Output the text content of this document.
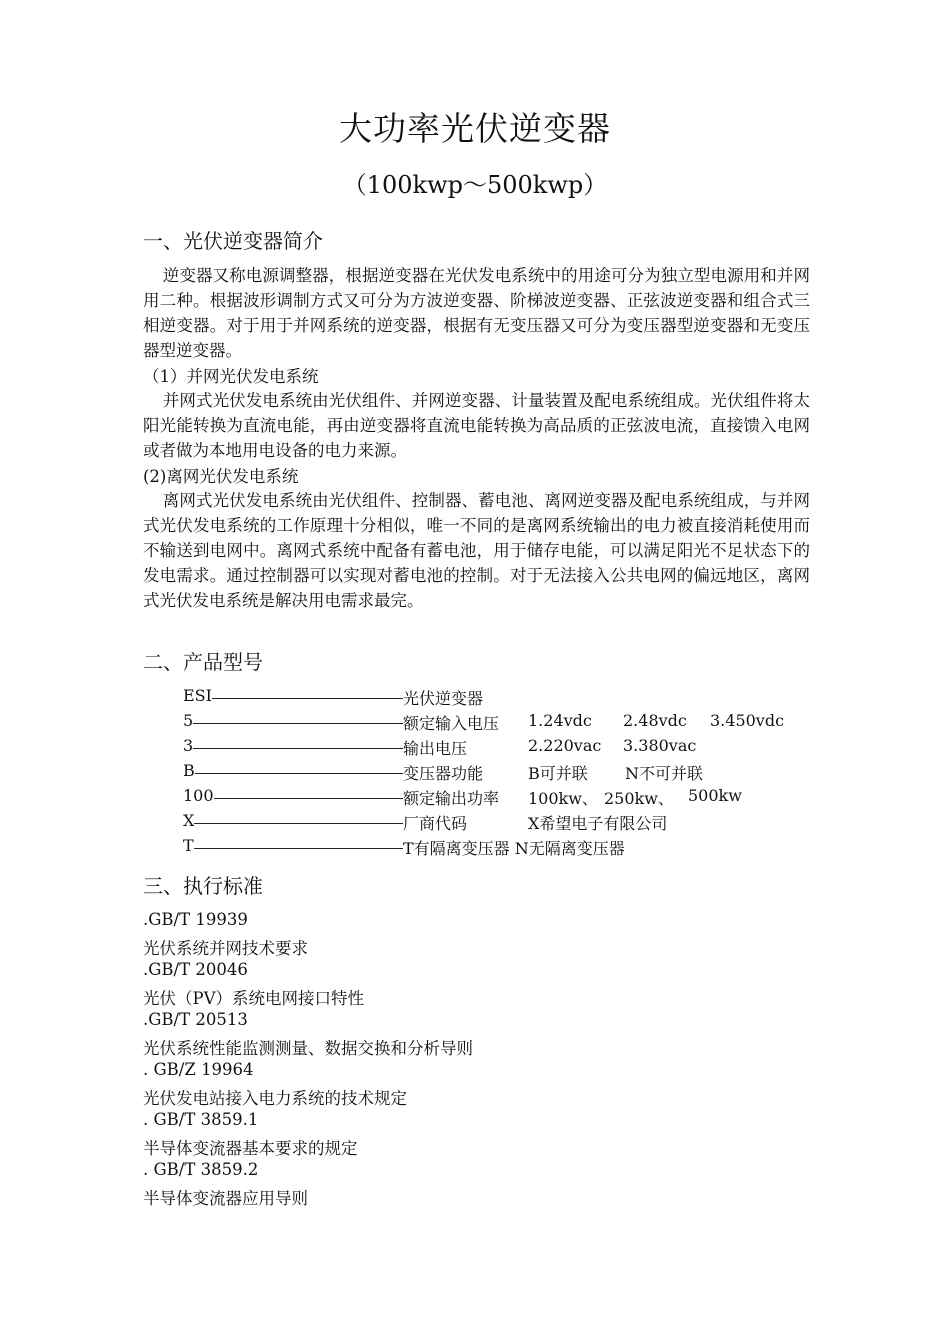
大功率光伏逆变器
（100kwp～500kwp）
一、光伏逆变器简介

逆变器又称电源调整器，根据逆变器在光伏发电系统中的用途可分为独立型电源用和并网用二种。根据波形调制方式又可分为方波逆变器、阶梯波逆变器、正弦波逆变器和组合式三相逆变器。对于用于并网系统的逆变器，根据有无变压器又可分为变压器型逆变器和无变压器型逆变器。

（1）并网光伏发电系统

并网式光伏发电系统由光伏组件、并网逆变器、计量装置及配电系统组成。光伏组件将太阳光能转换为直流电能，再由逆变器将直流电能转换为高品质的正弦波电流，直接馈入电网或者做为本地用电设备的电力来源。

(2)离网光伏发电系统

离网式光伏发电系统由光伏组件、控制器、蓄电池、离网逆变器及配电系统组成，与并网式光伏发电系统的工作原理十分相似，唯一不同的是离网系统输出的电力被直接消耗使用而不输送到电网中。离网式系统中配备有蓄电池，用于储存电能，可以满足阳光不足状态下的发电需求。通过控制器可以实现对蓄电池的控制。对于无法接入公共电网的偏远地区，离网式光伏发电系统是解决用电需求最完。

二、产品型号
ESI	光伏逆变器
5	额定输入电压 1.24vdc 2.48vdc 3.450vdc
3	输出电压	2.220vac 3.380vac
B	变压器功能	B可并联 N不可并联
100	额定输出功率 100kw、 250kw、 500kw
X	厂商代码	X希望电子有限公司
T	T有隔离变压器 N无隔离变压器
三、执行标准
.GB/T 19939
光伏系统并网技术要求
.GB/T 20046
光伏（PV）系统电网接口特性
.GB/T 20513
光伏系统性能监测测量、数据交换和分析导则
. GB/Z 19964
光伏发电站接入电力系统的技术规定
. GB/T 3859.1
半导体变流器基本要求的规定
. GB/T 3859.2
半导体变流器应用导则
